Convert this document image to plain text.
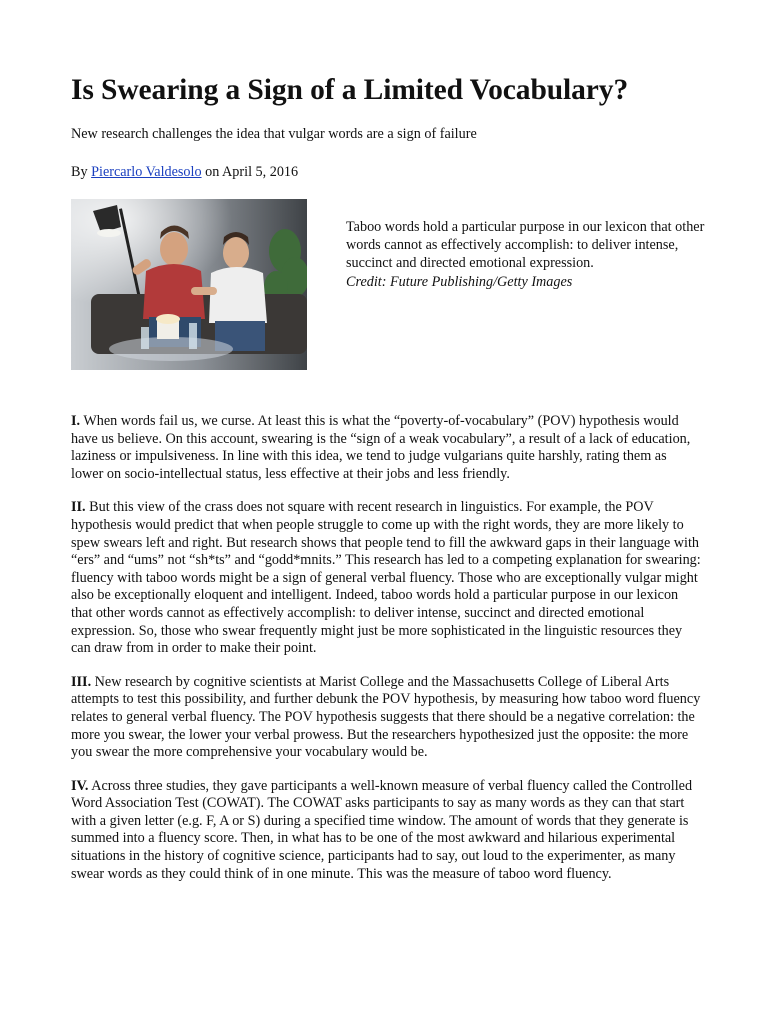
Is Swearing a Sign of a Limited Vocabulary?

New research challenges the idea that vulgar words are a sign of failure

By Piercarlo Valdesolo on April 5, 2016

Taboo words hold a particular purpose in our lexicon that other words cannot as effectively accomplish: to deliver intense, succinct and directed emotional expression.
Credit: Future Publishing/Getty Images

I. When words fail us, we curse. At least this is what the “poverty-of-vocabulary” (POV) hypothesis would have us believe. On this account, swearing is the “sign of a weak vocabulary”, a result of a lack of education, laziness or impulsiveness. In line with this idea, we tend to judge vulgarians quite harshly, rating them as lower on socio-intellectual status, less effective at their jobs and less friendly.

II. But this view of the crass does not square with recent research in linguistics. For example, the POV hypothesis would predict that when people struggle to come up with the right words, they are more likely to spew swears left and right. But research shows that people tend to fill the awkward gaps in their language with “ers” and “ums” not “sh*ts” and “godd*mnits.” This research has led to a competing explanation for swearing: fluency with taboo words might be a sign of general verbal fluency. Those who are exceptionally vulgar might also be exceptionally eloquent and intelligent. Indeed, taboo words hold a particular purpose in our lexicon that other words cannot as effectively accomplish: to deliver intense, succinct and directed emotional expression. So, those who swear frequently might just be more sophisticated in the linguistic resources they can draw from in order to make their point.

III. New research by cognitive scientists at Marist College and the Massachusetts College of Liberal Arts attempts to test this possibility, and further debunk the POV hypothesis, by measuring how taboo word fluency relates to general verbal fluency. The POV hypothesis suggests that there should be a negative correlation: the more you swear, the lower your verbal prowess. But the researchers hypothesized just the opposite: the more you swear the more comprehensive your vocabulary would be.

IV. Across three studies, they gave participants a well-known measure of verbal fluency called the Controlled Word Association Test (COWAT). The COWAT asks participants to say as many words as they can that start with a given letter (e.g. F, A or S) during a specified time window. The amount of words that they generate is summed into a fluency score. Then, in what has to be one of the most awkward and hilarious experimental situations in the history of cognitive science, participants had to say, out loud to the experimenter, as many swear words as they could think of in one minute. This was the measure of taboo word fluency.
